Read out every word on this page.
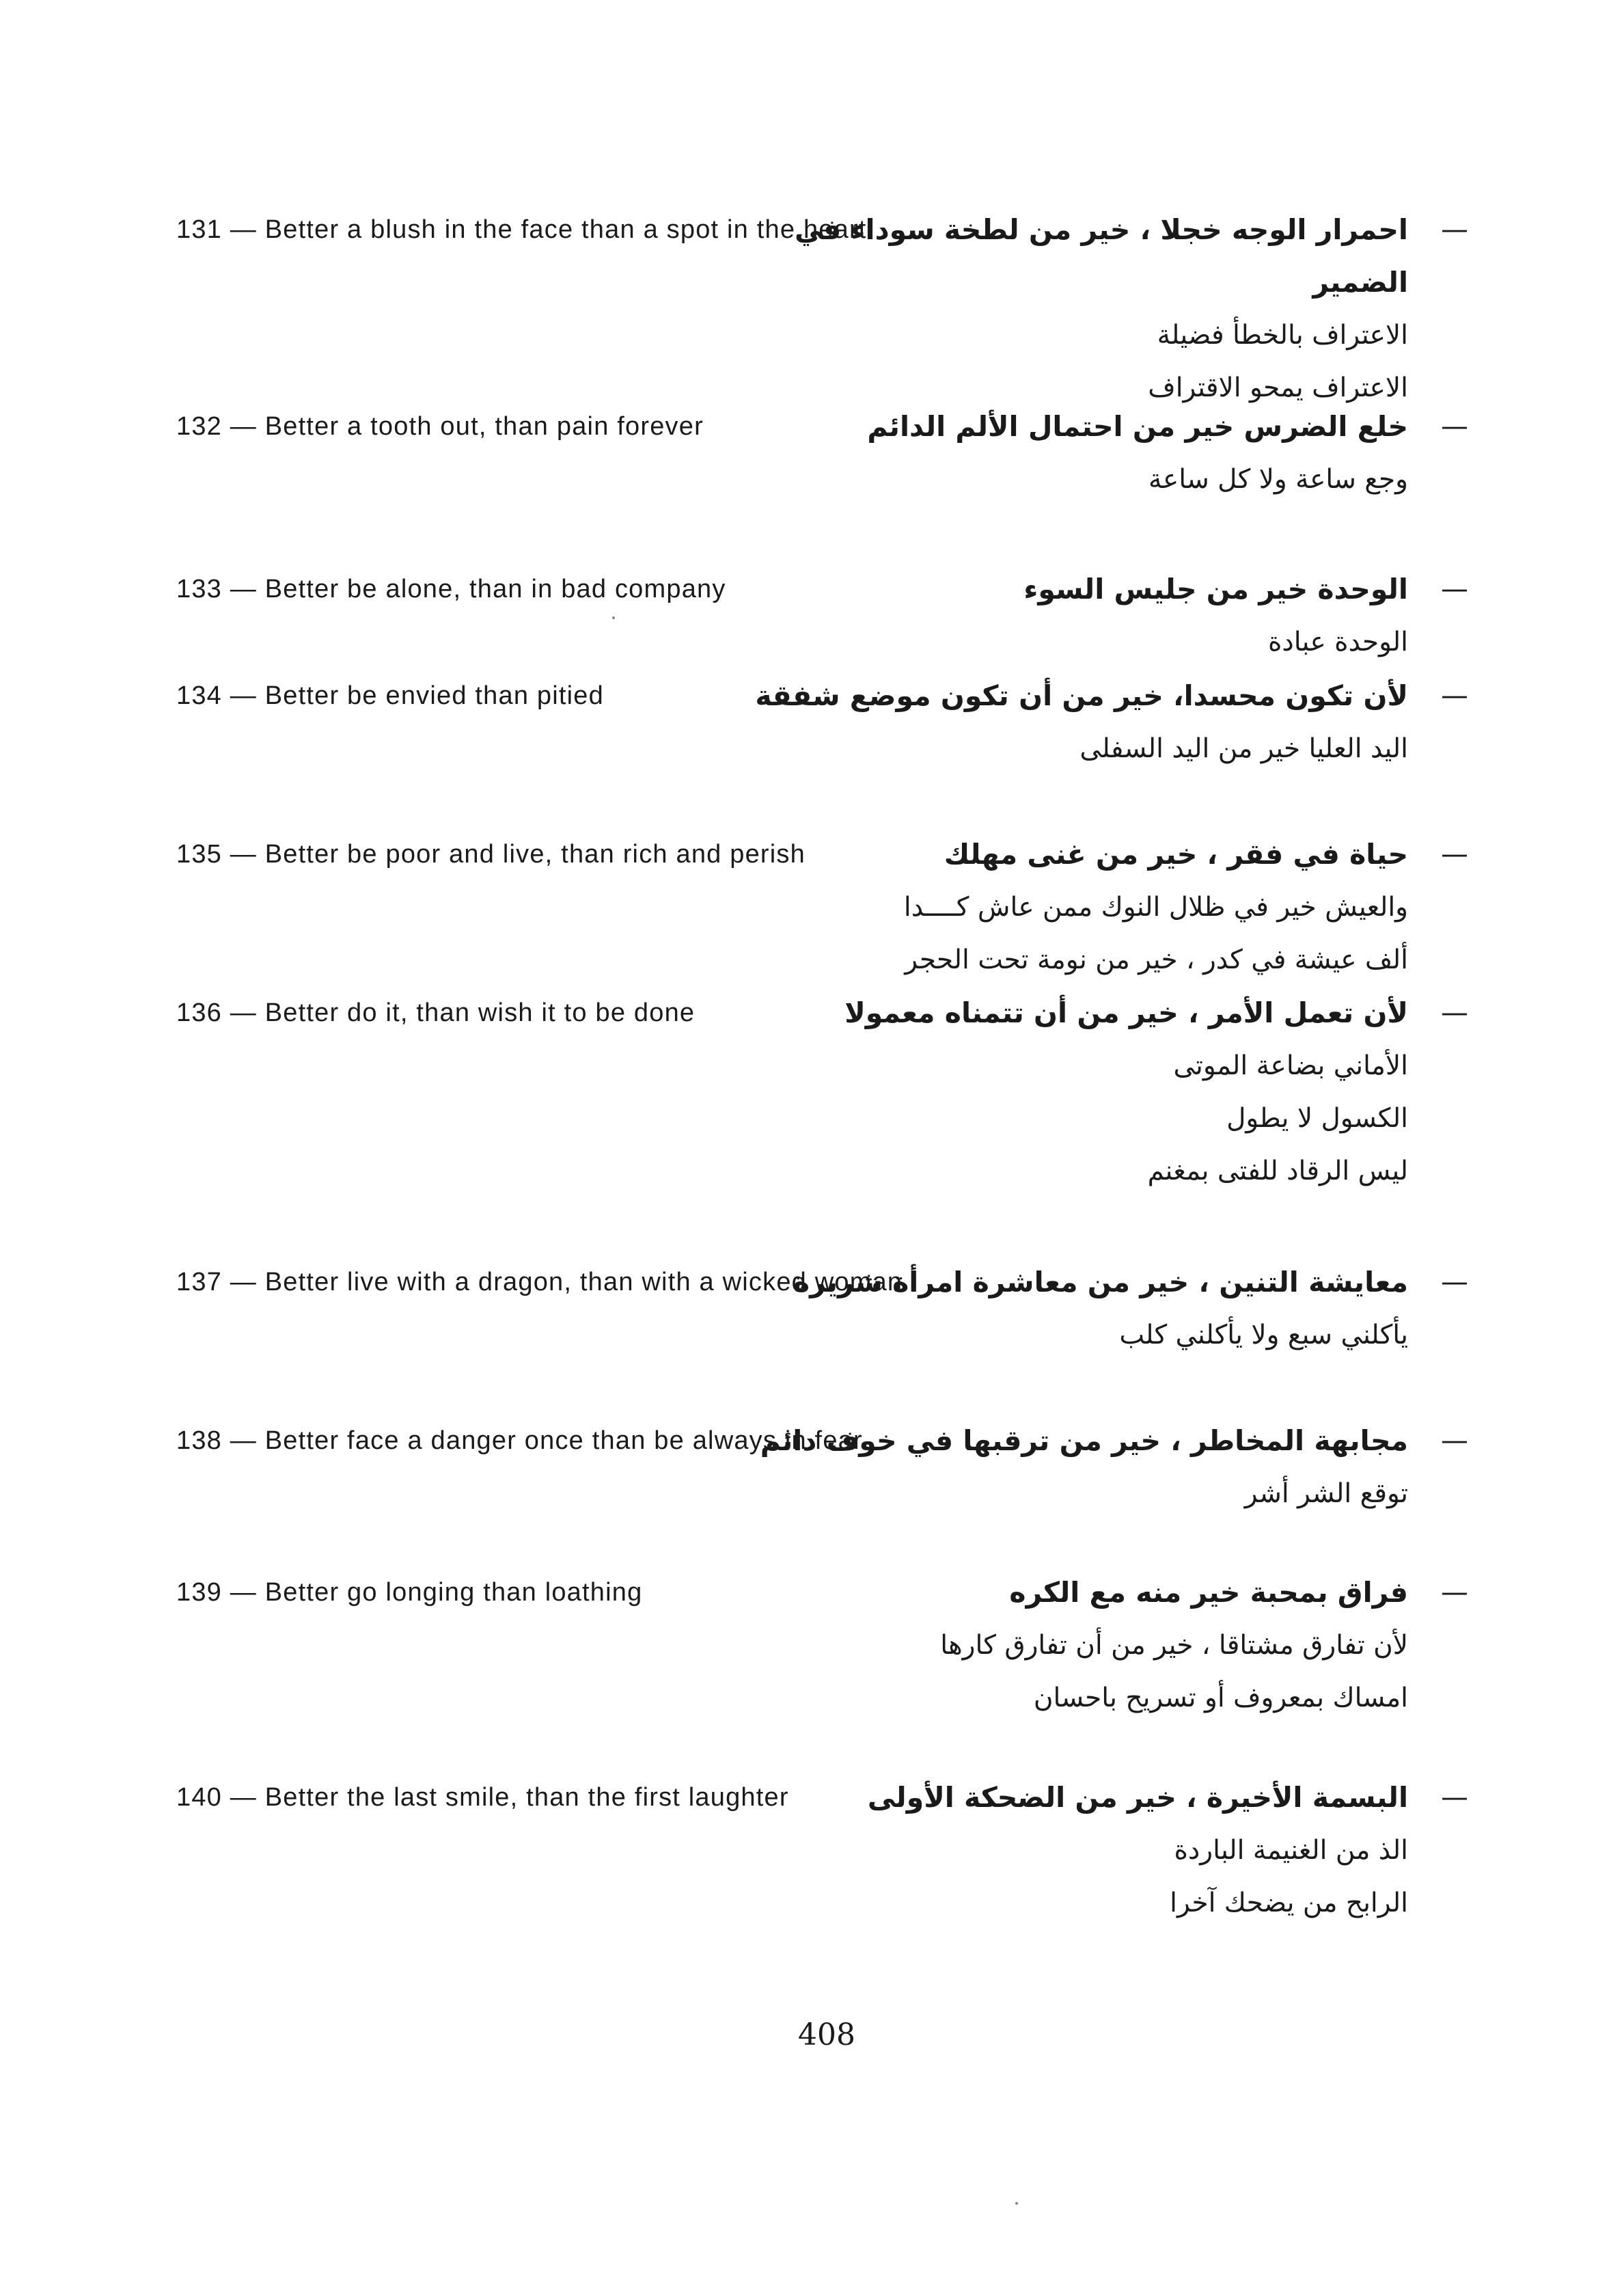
131 — Better a blush in the face than a spot in the heart	—
احمرار الوجه خجلا ، خير من لطخة سوداء في الضمير
الاعتراف بالخطأ فضيلة
الاعتراف يمحو الاقتراف
132 — Better a tooth out, than pain forever	—
خلع الضرس خير من احتمال الألم الدائم
وجع ساعة ولا كل ساعة
133 — Better be alone, than in bad company	—
الوحدة خير من جليس السوء
الوحدة عبادة
134 — Better be envied than pitied	—
لأن تكون محسدا، خير من أن تكون موضع شفقة
اليد العليا خير من اليد السفلى
135 — Better be poor and live, than rich and perish	—
حياة في فقر ، خير من غنى مهلك
والعيش خير في ظلال النوك ممن عاش كــــدا
ألف عيشة في كدر ، خير من نومة تحت الحجر
136 — Better do it, than wish it to be done	—
لأن تعمل الأمر ، خير من أن تتمناه معمولا
الأماني بضاعة الموتى
الكسول لا يطول
ليس الرقاد للفتى بمغنم
137 — Better live with a dragon, than with a wicked woman	—
معايشة التنين ، خير من معاشرة امرأة شريرة
يأكلني سبع ولا يأكلني كلب
138 — Better face a danger once than be always in fear	—
مجابهة المخاطر ، خير من ترقبها في خوف دائم
توقع الشر أشر
139 — Better go longing than loathing	—
فراق بمحبة خير منه مع الكره
لأن تفارق مشتاقا ، خير من أن تفارق كارها
امساك بمعروف أو تسريح باحسان
140 — Better the last smile, than the first laughter	—
البسمة الأخيرة ، خير من الضحكة الأولى
الذ من الغنيمة الباردة
الرابح من يضحك آخرا
408
